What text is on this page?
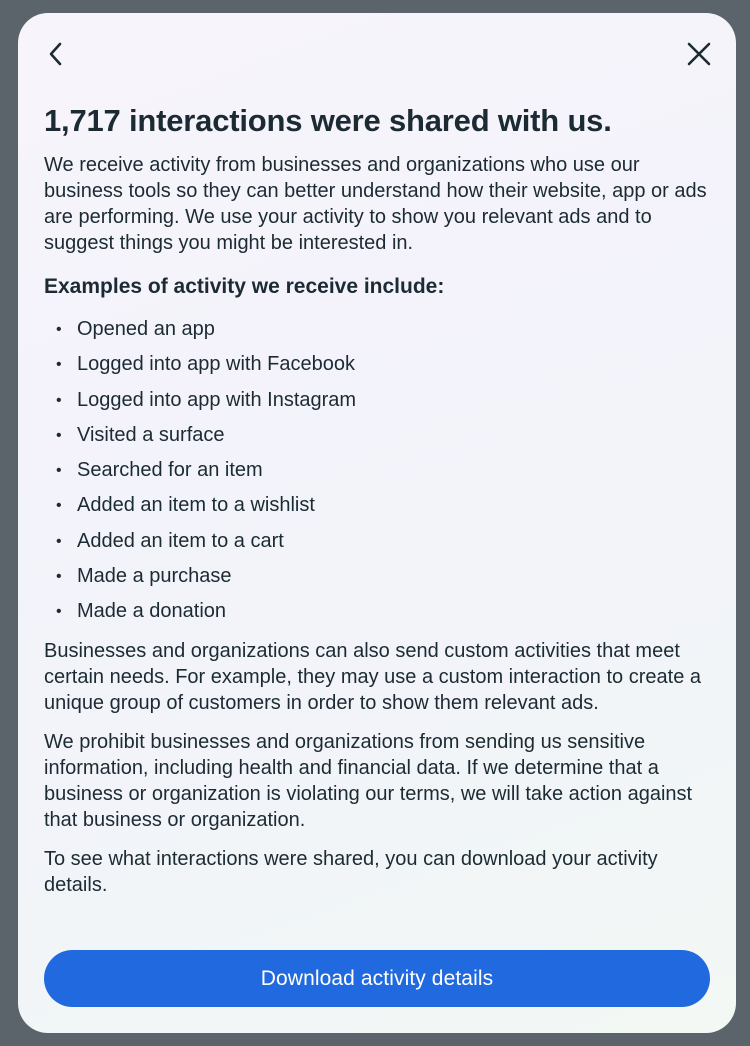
1,717 interactions were shared with us.

We receive activity from businesses and organizations who use our business tools so they can better understand how their website, app or ads are performing. We use your activity to show you relevant ads and to suggest things you might be interested in.

Examples of activity we receive include:
• Opened an app
• Logged into app with Facebook
• Logged into app with Instagram
• Visited a surface
• Searched for an item
• Added an item to a wishlist
• Added an item to a cart
• Made a purchase
• Made a donation

Businesses and organizations can also send custom activities that meet certain needs. For example, they may use a custom interaction to create a unique group of customers in order to show them relevant ads.

We prohibit businesses and organizations from sending us sensitive information, including health and financial data. If we determine that a business or organization is violating our terms, we will take action against that business or organization.

To see what interactions were shared, you can download your activity details.

Download activity details
